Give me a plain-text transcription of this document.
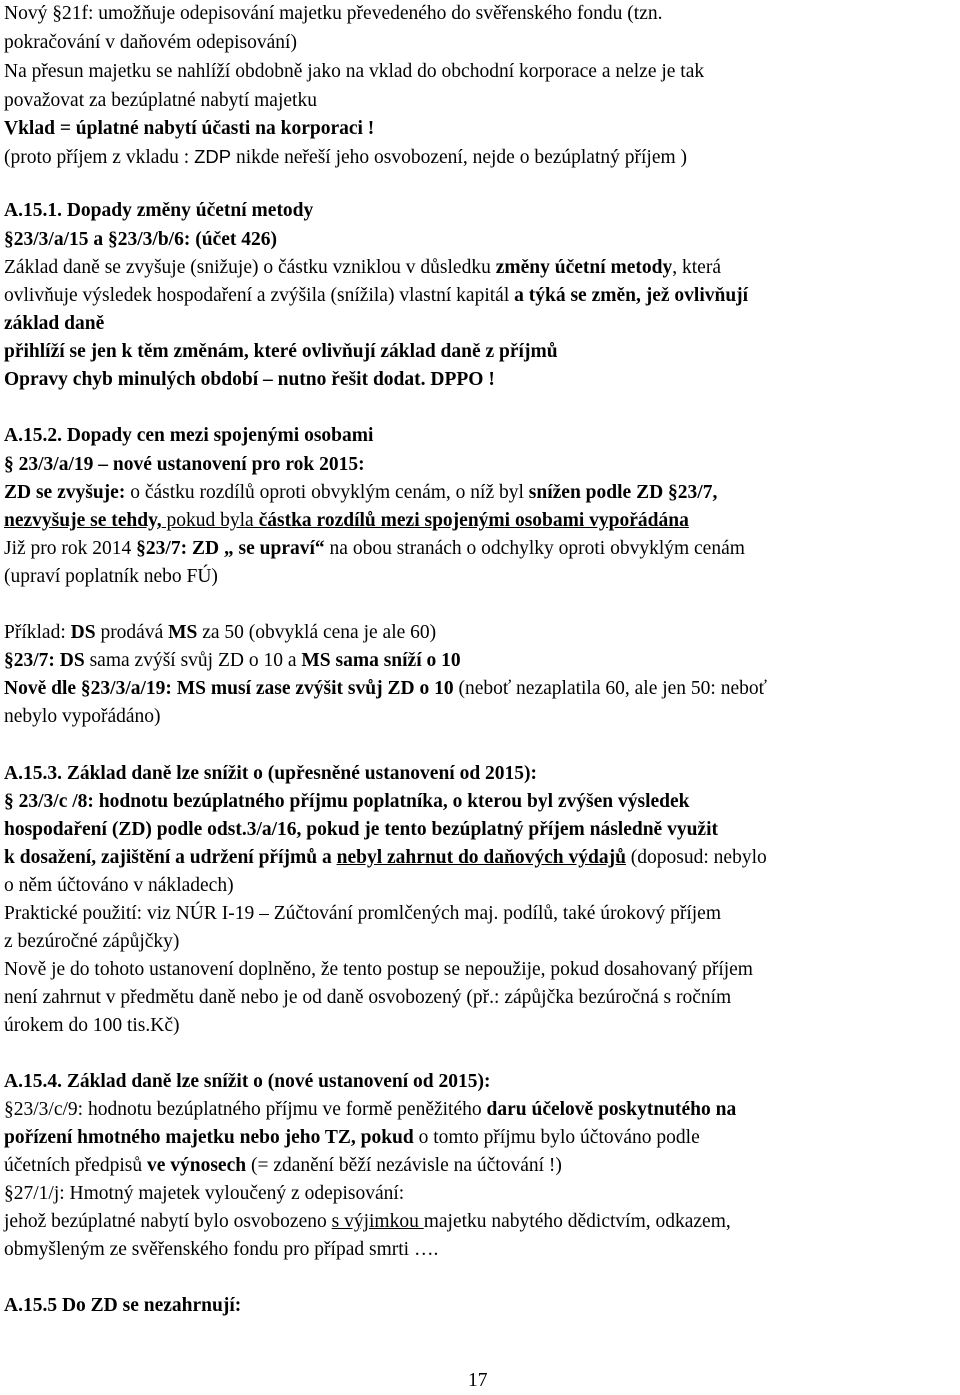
Nový §21f: umožňuje odepisování majetku převedeného do svěřenského fondu (tzn.
pokračování v daňovém odepisování)
Na přesun majetku se nahlíží obdobně jako na vklad do obchodní korporace a nelze je tak
považovat za bezúplatné nabytí majetku
Vklad = úplatné nabytí účasti na korporaci !
(proto příjem z vkladu : ZDP nikde neřeší jeho osvobození, nejde o bezúplatný příjem )
A.15.1. Dopady změny účetní metody
§23/3/a/15 a §23/3/b/6: (účet 426)
Základ daně se zvyšuje (snižuje) o částku vzniklou v důsledku změny účetní metody, která
ovlivňuje výsledek hospodaření a zvýšila (snížila) vlastní kapitál a týká se změn, jež ovlivňují
základ daně
přihlíží se jen k těm změnám, které ovlivňují základ daně z příjmů
Opravy chyb minulých období – nutno řešit dodat. DPPO !
A.15.2. Dopady cen mezi spojenými osobami
§ 23/3/a/19 – nové ustanovení pro rok 2015:
ZD se zvyšuje: o částku rozdílů oproti obvyklým cenám, o níž byl snížen podle ZD §23/7,
nezvyšuje se tehdy, pokud byla částka rozdílů mezi spojenými osobami vypořádána
Již pro rok 2014 §23/7: ZD „ se upraví“ na obou stranách o odchylky oproti obvyklým cenám
(upraví poplatník nebo FÚ)
Příklad: DS prodává MS za 50 (obvyklá cena je ale 60)
§23/7: DS sama zvýší svůj ZD o 10 a MS sama sníží o 10
Nově dle §23/3/a/19: MS musí zase zvýšit svůj ZD o 10 (neboť nezaplatila 60, ale jen 50: neboť
nebylo vypořádáno)
A.15.3. Základ daně lze snížit o (upřesněné ustanovení od 2015):
§ 23/3/c /8: hodnotu bezúplatného příjmu poplatníka, o kterou byl zvýšen výsledek
hospodaření (ZD) podle odst.3/a/16, pokud je tento bezúplatný příjem následně využit
k dosažení, zajištění a udržení příjmů a nebyl zahrnut do daňových výdajů (doposud: nebylo
o něm účtováno v nákladech)
Praktické použití: viz NÚR I-19 – Zúčtování promlčených maj. podílů, také úrokový příjem
z bezúročné zápůjčky)
Nově je do tohoto ustanovení doplněno, že tento postup se nepoužije, pokud dosahovaný příjem
není zahrnut v předmětu daně nebo je od daně osvobozený (př.: zápůjčka bezúročná s ročním
úrokem do 100 tis.Kč)
A.15.4. Základ daně lze snížit o (nové ustanovení od 2015):
§23/3/c/9: hodnotu bezúplatného příjmu ve formě peněžitého daru účelově poskytnutého na
pořízení hmotného majetku nebo jeho TZ, pokud o tomto příjmu bylo účtováno podle
účetních předpisů ve výnosech (= zdanění běží nezávisle na účtování !)
§27/1/j: Hmotný majetek vyloučený z odepisování:
jehož bezúplatné nabytí bylo osvobozeno s výjimkou majetku nabytého dědictvím, odkazem,
obmyšleným ze svěřenského fondu pro případ smrti ….
A.15.5 Do ZD se nezahrnují:
17
